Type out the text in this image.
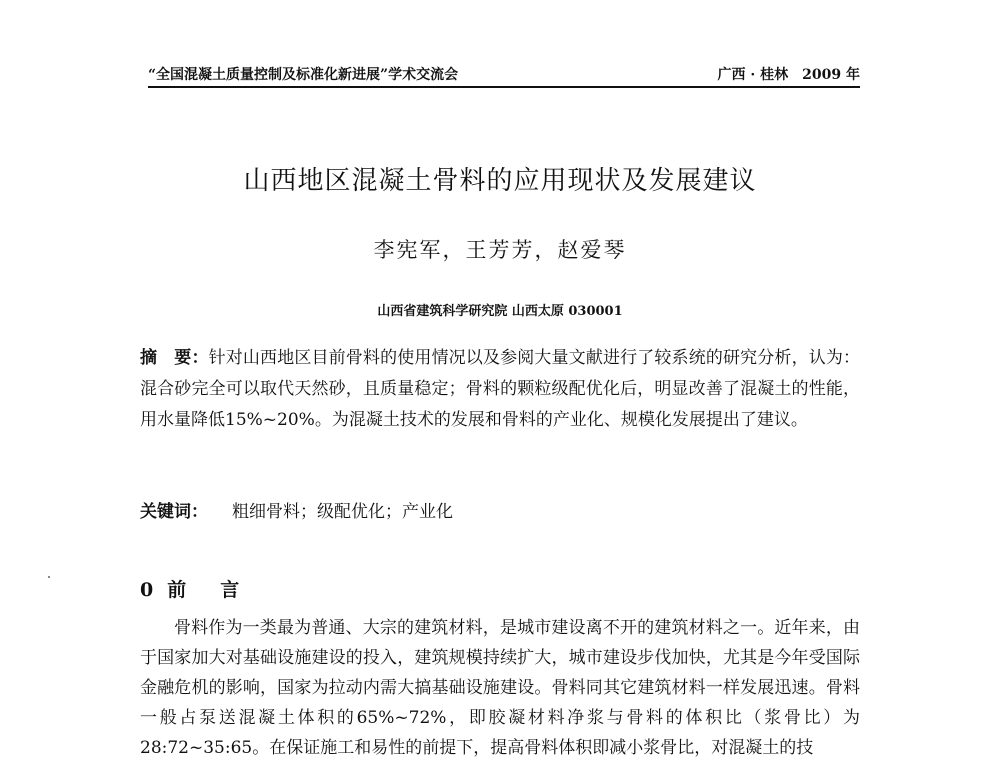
“全国混凝土质量控制及标准化新进展”学术交流会	广西 · 桂林 2009 年
山西地区混凝土骨料的应用现状及发展建议
李宪军，王芳芳，赵爱琴
山西省建筑科学研究院 山西太原 030001
摘 要：针对山西地区目前骨料的使用情况以及参阅大量文献进行了较系统的研究分析，认为：混合砂完全可以取代天然砂，且质量稳定；骨料的颗粒级配优化后，明显改善了混凝土的性能，用水量降低15%~20%。为混凝土技术的发展和骨料的产业化、规模化发展提出了建议。
关键词： 粗细骨料；级配优化；产业化
0 前言
骨料作为一类最为普通、大宗的建筑材料，是城市建设离不开的建筑材料之一。近年来，由于国家加大对基础设施建设的投入，建筑规模持续扩大，城市建设步伐加快，尤其是今年受国际金融危机的影响，国家为拉动内需大搞基础设施建设。骨料同其它建筑材料一样发展迅速。骨料一般占泵送混凝土体积的65%~72%，即胶凝材料净浆与骨料的体积比（浆骨比）为28:72~35:65。在保证施工和易性的前提下，提高骨料体积即减小浆骨比，对混凝土的技
